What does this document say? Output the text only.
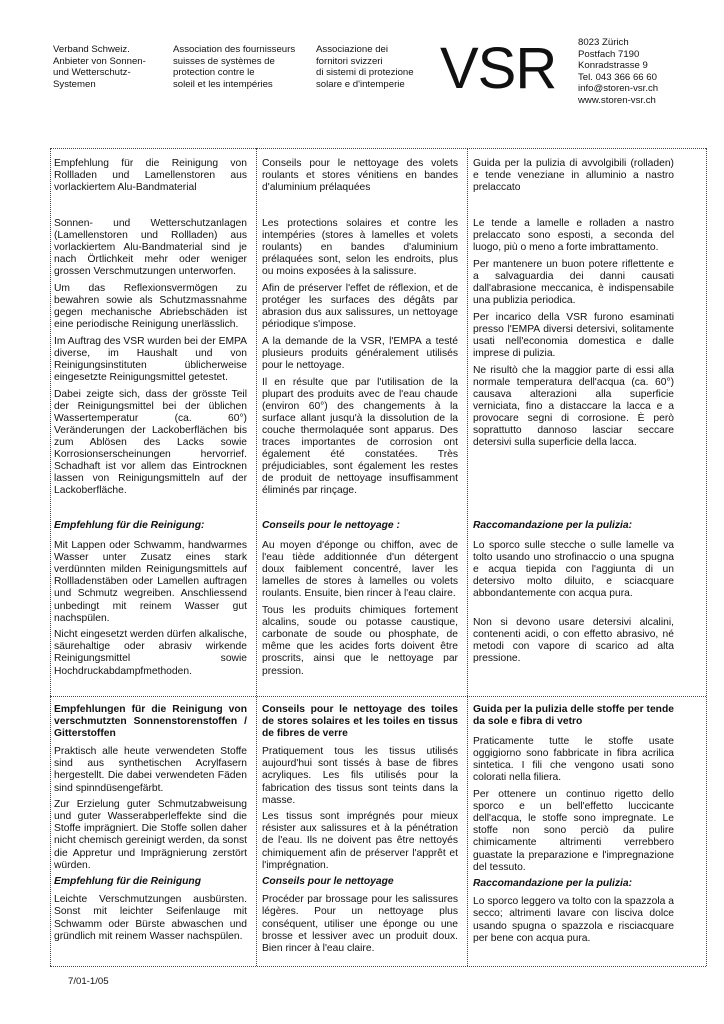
Verband Schweiz.
Anbieter von Sonnen-
und Wetterschutz-
Systemen
Association des fournisseurs
suisses de systèmes de
protection contre le
soleil et les intempéries
Associazione dei
fornitori svizzeri
di sistemi di protezione
solare e d'intemperie VSR 8023 Zürich
Postfach 7190
Konradstrasse 9
Tel. 043 366 66 60
info@storen-vsr.ch
www.storen-vsr.ch
Empfehlung für die Reinigung von Rollladen und Lamellenstoren aus vorlackiertem Alu-Bandmaterial
Conseils pour le nettoyage des volets roulants et stores vénitiens en bandes d'aluminium prélaquées
Guida per la pulizia di avvolgibili (rolladen) e tende veneziane in alluminio a nastro prelaccato

Sonnen- und Wetterschutzanlagen (Lamellenstoren und Rollladen) aus vorlackiertem Alu-Bandmaterial sind je nach Örtlichkeit mehr oder weniger grossen Verschmutzungen unterworfen.

Um das Reflexionsvermögen zu bewahren sowie als Schutzmassnahme gegen mechanische Abriebschäden ist eine periodische Reinigung unerlässlich.

Im Auftrag des VSR wurden bei der EMPA diverse, im Haushalt und von Reinigungsinstituten üblicherweise eingesetzte Reinigungsmittel getestet.

Dabei zeigte sich, dass der grösste Teil der Reinigungsmittel bei der üblichen Wassertemperatur (ca. 60°) Veränderungen der Lackoberflächen bis zum Ablösen des Lacks sowie Korrosionserscheinungen hervorrief. Schadhaft ist vor allem das Eintrocknen lassen von Reinigungsmitteln auf der Lackoberfläche.

Les protections solaires et contre les intempéries (stores à lamelles et volets roulants) en bandes d'aluminium prélaquées sont, selon les endroits, plus ou moins exposées à la salissure.

Afin de préserver l'effet de réflexion, et de protéger les surfaces des dégâts par abrasion dus aux salissures, un nettoyage périodique s'impose.

A la demande de la VSR, l'EMPA a testé plusieurs produits généralement utilisés pour le nettoyage.

Il en résulte que par l'utilisation de la plupart des produits avec de l'eau chaude (environ 60°) des changements à la surface allant jusqu'à la dissolution de la couche thermolaquée sont apparus. Des traces importantes de corrosion ont également été constatées. Très préjudiciables, sont également les restes de produit de nettoyage insuffisamment éliminés par rinçage.

Le tende a lamelle e rolladen a nastro prelaccato sono esposti, a seconda del luogo, più o meno a forte imbrattamento.

Per mantenere un buon potere riflettente e a salvaguardia dei danni causati dall'abrasione meccanica, è indispensabile una publizia periodica.

Per incarico della VSR furono esaminati presso l'EMPA diversi detersivi, solitamente usati nell'economia domestica e dalle imprese di pulizia.

Ne risultò che la maggior parte di essi alla normale temperatura dell'acqua (ca. 60°) causava alterazioni alla superficie verniciata, fino a distaccare la lacca e a provocare segni di corrosione. È però soprattutto dannoso lasciar seccare detersivi sulla superficie della lacca.

Empfehlung für die Reinigung:

Mit Lappen oder Schwamm, handwarmes Wasser unter Zusatz eines stark verdünnten milden Reinigungsmittels auf Rollladenstäben oder Lamellen auftragen und Schmutz wegreiben. Anschliessend unbedingt mit reinem Wasser gut nachspülen.

Nicht eingesetzt werden dürfen alkalische, säurehaltige oder abrasiv wirkende Reinigungsmittel sowie Hochdruckabdampfmethoden.

Conseils pour le nettoyage :

Au moyen d'éponge ou chiffon, avec de l'eau tiède additionnée d'un détergent doux faiblement concentré, laver les lamelles de stores à lamelles ou volets roulants. Ensuite, bien rincer à l'eau claire.

Tous les produits chimiques fortement alcalins, soude ou potasse caustique, carbonate de soude ou phosphate, de même que les acides forts doivent être proscrits, ainsi que le nettoyage par pression.

Raccomandazione per la pulizia:

Lo sporco sulle stecche o sulle lamelle va tolto usando uno strofinaccio o una spugna e acqua tiepida con l'aggiunta di un detersivo molto diluito, e sciacquare abbondantemente con acqua pura.

Non si devono usare detersivi alcalini, contenenti acidi, o con effetto abrasivo, né metodi con vapore di scarico ad alta pressione.

Empfehlungen für die Reinigung von verschmutzten Sonnenstorenstoffen / Gitterstoffen

Praktisch alle heute verwendeten Stoffe sind aus synthetischen Acrylfasern hergestellt. Die dabei verwendeten Fäden sind spinndüsengefärbt.

Zur Erzielung guter Schmutzabweisung und guter Wasserabperleffekte sind die Stoffe imprägniert. Die Stoffe sollen daher nicht chemisch gereinigt werden, da sonst die Appretur und Imprägnierung zerstört würden.

Empfehlung für die Reinigung

Leichte Verschmutzungen ausbürsten. Sonst mit leichter Seifenlauge mit Schwamm oder Bürste abwaschen und gründlich mit reinem Wasser nachspülen.

Conseils pour le nettoyage des toiles de stores solaires et les toiles en tissus de fibres de verre

Pratiquement tous les tissus utilisés aujourd'hui sont tissés à base de fibres acryliques. Les fils utilisés pour la fabrication des tissus sont teints dans la masse.

Les tissus sont imprégnés pour mieux résister aux salissures et à la pénétration de l'eau. Ils ne doivent pas être nettoyés chimiquement afin de préserver l'apprêt et l'imprégnation.

Conseils pour le nettoyage

Procéder par brossage pour les salissures légères. Pour un nettoyage plus conséquent, utiliser une éponge ou une brosse et lessiver avec un produit doux. Bien rincer à l'eau claire.

Guida per la pulizia delle stoffe per tende da sole e fibra di vetro

Praticamente tutte le stoffe usate oggigiorno sono fabbricate in fibra acrilica sintetica. I fili che vengono usati sono colorati nella filiera.

Per ottenere un continuo rigetto dello sporco e un bell'effetto luccicante dell'acqua, le stoffe sono impregnate. Le stoffe non sono perciò da pulire chimicamente altrimenti verrebbero guastate la preparazione e l'impregnazione del tessuto.

Raccomandazione per la pulizia:

Lo sporco leggero va tolto con la spazzola a secco; altrimenti lavare con lisciva dolce usando spugna o spazzola e risciacquare per bene con acqua pura.

7/01-1/05
